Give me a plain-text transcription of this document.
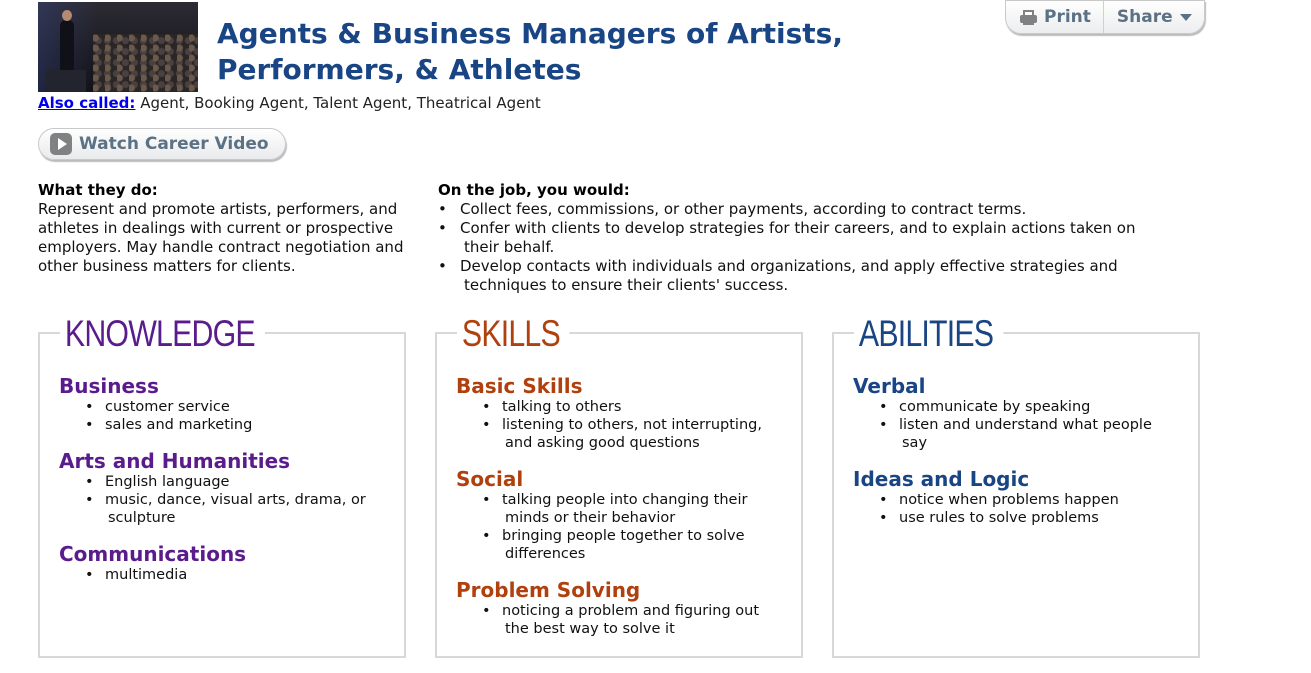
Agents & Business Managers of Artists,
Performers, & Athletes
Also called: Agent, Booking Agent, Talent Agent, Theatrical Agent
Watch Career Video
Print Share
What they do:
Represent and promote artists, performers, and athletes in dealings with current or prospective employers. May handle contract negotiation and other business matters for clients.
On the job, you would:
• Collect fees, commissions, or other payments, according to contract terms.
• Confer with clients to develop strategies for their careers, and to explain actions taken on
their behalf.
• Develop contacts with individuals and organizations, and apply effective strategies and
techniques to ensure their clients' success.
KNOWLEDGE
Business
• customer service
• sales and marketing
Arts and Humanities
• English language
• music, dance, visual arts, drama, or
sculpture
Communications
• multimedia
SKILLS
Basic Skills
• talking to others
• listening to others, not interrupting,
and asking good questions
Social
• talking people into changing their
minds or their behavior
• bringing people together to solve
differences
Problem Solving
• noticing a problem and figuring out
the best way to solve it
ABILITIES
Verbal
• communicate by speaking
• listen and understand what people
say
Ideas and Logic
• notice when problems happen
• use rules to solve problems
